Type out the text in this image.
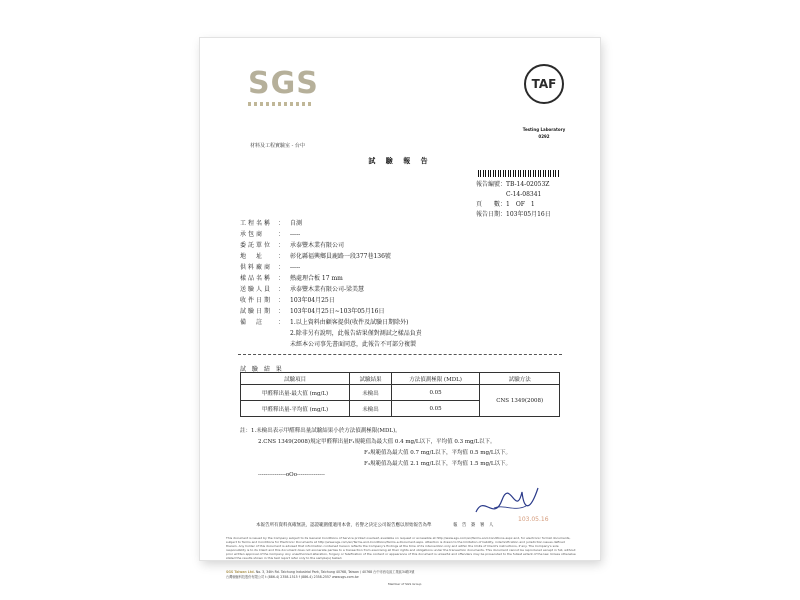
SGS
材料及工程實驗室 - 台中
TAF
Testing Laboratory
0292
試 驗 報 告
報告編號： TB-14-02053Z
C-14-08341
頁　　數： 1　OF　1
報告日期： 103年05月16日
工程名稱 ： 自測
承包商	： -----
委託單位 ： 承泰豐木業有限公司
地　址	： 彰化縣福興鄉員鹿路一段377巷136號
供料廠商 ： -----
樣品名稱 ： 熱處理合板 17 mm
送驗人員 ： 承泰豐木業有限公司-梁美慧
收件日期 ： 103年04月25日
試驗日期 ： 103年04月25日~103年05月16日
備　註	： 1.以上資料由顧客提供(收件及試驗日期除外)
2.除非另有說明，此報告結果僅對測試之樣品負責
未經本公司事先書面同意，此報告不可部分複製
試 驗 結 果
試驗項目	試驗結果	方法偵測極限 (MDL)	試驗方法
甲醛釋出量-最大值 (mg/L)	未檢出	0.05	CNS 1349(2008)
甲醛釋出量-平均值 (mg/L)	未檢出	0.05	
註：1.未檢出表示甲醛釋出量試驗結果小於方法偵測極限(MDL)。
2.CNS 1349(2008)規定甲醛釋出量F₁規範值為最大值 0.4 mg/L以下，平均值 0.3 mg/L以下。
F₂規範值為最大值 0.7 mg/L以下，平均值 0.5 mg/L以下。
F₃規範值為最大值 2.1 mg/L以下，平均值 1.5 mg/L以下。
---------------oOo---------------
本報告所有資料真確無誤，認證範圍僅適用本會，名譽之決定公司報告應以原始報告為準	報　告　簽　署　人
103.05.16
This document is issued by the Company subject to its General Conditions of Service printed overleaf, available on request or accessible at http://www.sgs.com/en/Terms-and-Conditions.aspx and, for electronic format documents, subject to Terms and Conditions for Electronic Documents at http://www.sgs.com/en/Terms-and-Conditions/Terms-e-Document.aspx. Attention is drawn to the limitation of liability, indemnification and jurisdiction issues defined therein. Any holder of this document is advised that information contained hereon reflects the Company's findings at the time of its intervention only and within the limits of Client's instructions, if any. The Company's sole responsibility is to its Client and this document does not exonerate parties to a transaction from exercising all their rights and obligations under the transaction documents. This document cannot be reproduced except in full, without prior written approval of the Company. Any unauthorized alteration, forgery or falsification of the content or appearance of this document is unlawful and offenders may be prosecuted to the fullest extent of the law. Unless otherwise stated the results shown in this test report refer only to the sample(s) tested.
SGS Taiwan Ltd. No. 3, 34th Rd. Taichung Industrial Park, Taichung 40768, Taiwan / 40768 台中市西屯區工業區34路3號
台灣檢驗科技股份有限公司 t (886-4) 2358-1515 f (886-4) 2358-2557 www.sgs.com.tw
Member of SGS Group
